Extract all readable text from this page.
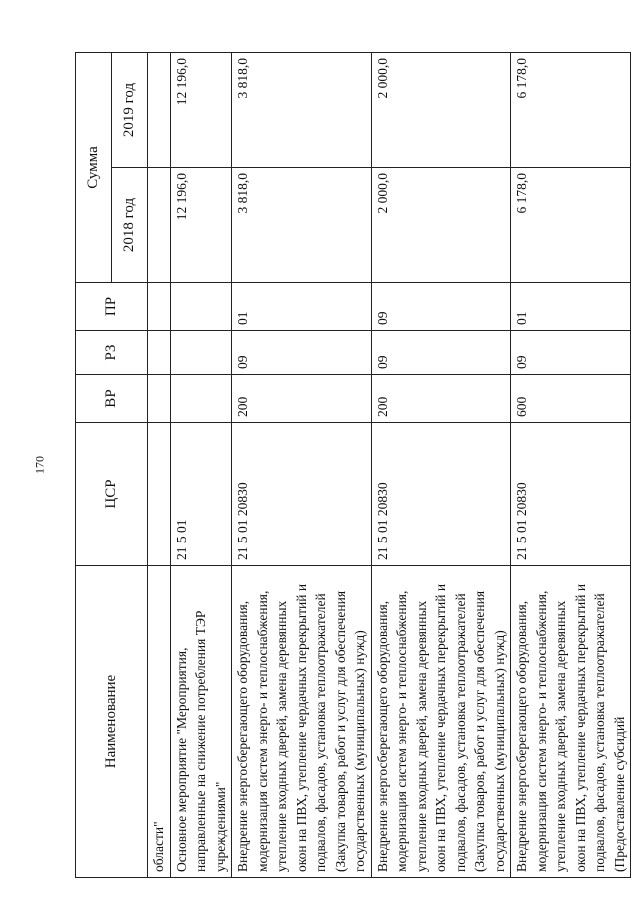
170
Наименование	ЦСР	ВР	РЗ	ПР	Сумма	
					2018 год	2019 год
области"						
Основное мероприятие "Мероприятия, направленные на снижение потребления ТЭР учреждениями"	21 5 01				12 196,0	12 196,0
Внедрение энергосберегающего оборудования, модернизация систем энерго- и теплоснабжения, утепление входных дверей, замена деревянных окон на ПВХ, утепление чердачных перекрытий и подвалов, фасадов, установка теплоотражателей (Закупка товаров, работ и услуг для обеспечения государственных (муниципальных) нужд)	21 5 01 20830	200	09	01	3 818,0	3 818,0
Внедрение энергосберегающего оборудования, модернизация систем энерго- и теплоснабжения, утепление входных дверей, замена деревянных окон на ПВХ, утепление чердачных перекрытий и подвалов, фасадов, установка теплоотражателей (Закупка товаров, работ и услуг для обеспечения государственных (муниципальных) нужд)	21 5 01 20830	200	09	09	2 000,0	2 000,0
Внедрение энергосберегающего оборудования, модернизация систем энерго- и теплоснабжения, утепление входных дверей, замена деревянных окон на ПВХ, утепление чердачных перекрытий и подвалов, фасадов, установка теплоотражателей (Предоставление субсидий	21 5 01 20830	600	09	01	6 178,0	6 178,0
